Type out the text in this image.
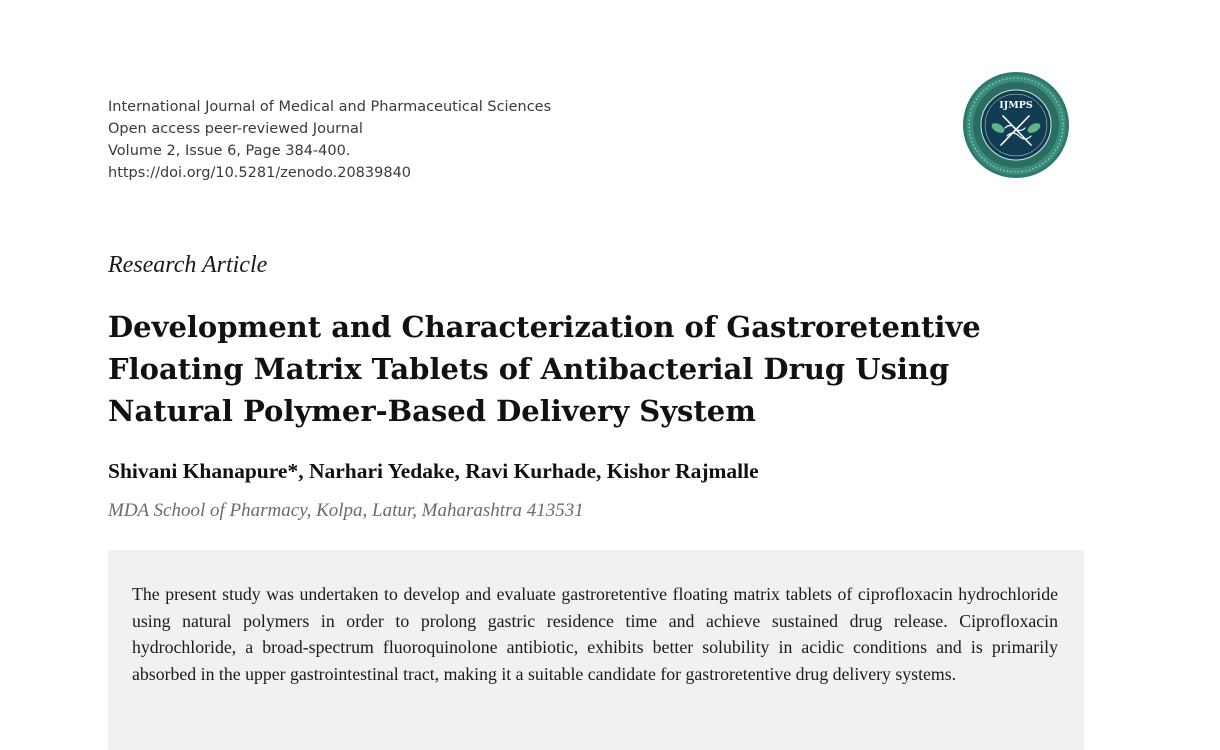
International Journal of Medical and Pharmaceutical Sciences
Open access peer-reviewed Journal
Volume 2, Issue 6, Page 384-400.
https://doi.org/10.5281/zenodo.20839840
IJMPS
Research Article
Development and Characterization of Gastroretentive
Floating Matrix Tablets of Antibacterial Drug Using
Natural Polymer-Based Delivery System
Shivani Khanapure*, Narhari Yedake, Ravi Kurhade, Kishor Rajmalle
MDA School of Pharmacy, Kolpa, Latur, Maharashtra 413531

The present study was undertaken to develop and evaluate gastroretentive floating matrix tablets of ciprofloxacin hydrochloride using natural polymers in order to prolong gastric residence time and achieve sustained drug release. Ciprofloxacin hydrochloride, a broad-spectrum fluoroquinolone antibiotic, exhibits better solubility in acidic conditions and is primarily absorbed in the upper gastrointestinal tract, making it a suitable candidate for gastroretentive drug delivery systems.
